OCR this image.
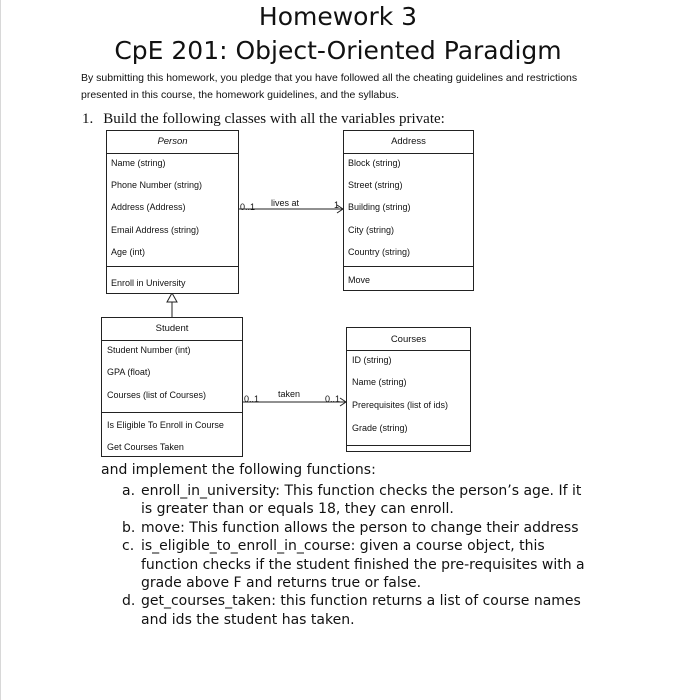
Homework 3
CpE 201: Object-Oriented Paradigm
By submitting this homework, you pledge that you have followed all the cheating guidelines and restrictions presented in this course, the homework guidelines, and the syllabus.
1. Build the following classes with all the variables private:
Person
Name (string)
Phone Number (string)
Address (Address)
Email Address (string)
Age (int)
Enroll in University
Address
Block (string)
Street (string)
Building (string)
City (string)
Country (string)
Move
Student
Student Number (int)
GPA (float)
Courses (list of Courses)
Is Eligible To Enroll in Course
Get Courses Taken
Courses
ID (string)
Name (string)
Prerequisites (list of ids)
Grade (string)
lives at
0..1	1
taken
0..1	0..1
and implement the following functions:
a. enroll_in_university: This function checks the person’s age. If it is greater than or equals 18, they can enroll.
b. move: This function allows the person to change their address
c. is_eligible_to_enroll_in_course: given a course object, this function checks if the student finished the pre-requisites with a grade above F and returns true or false.
d. get_courses_taken: this function returns a list of course names and ids the student has taken.
